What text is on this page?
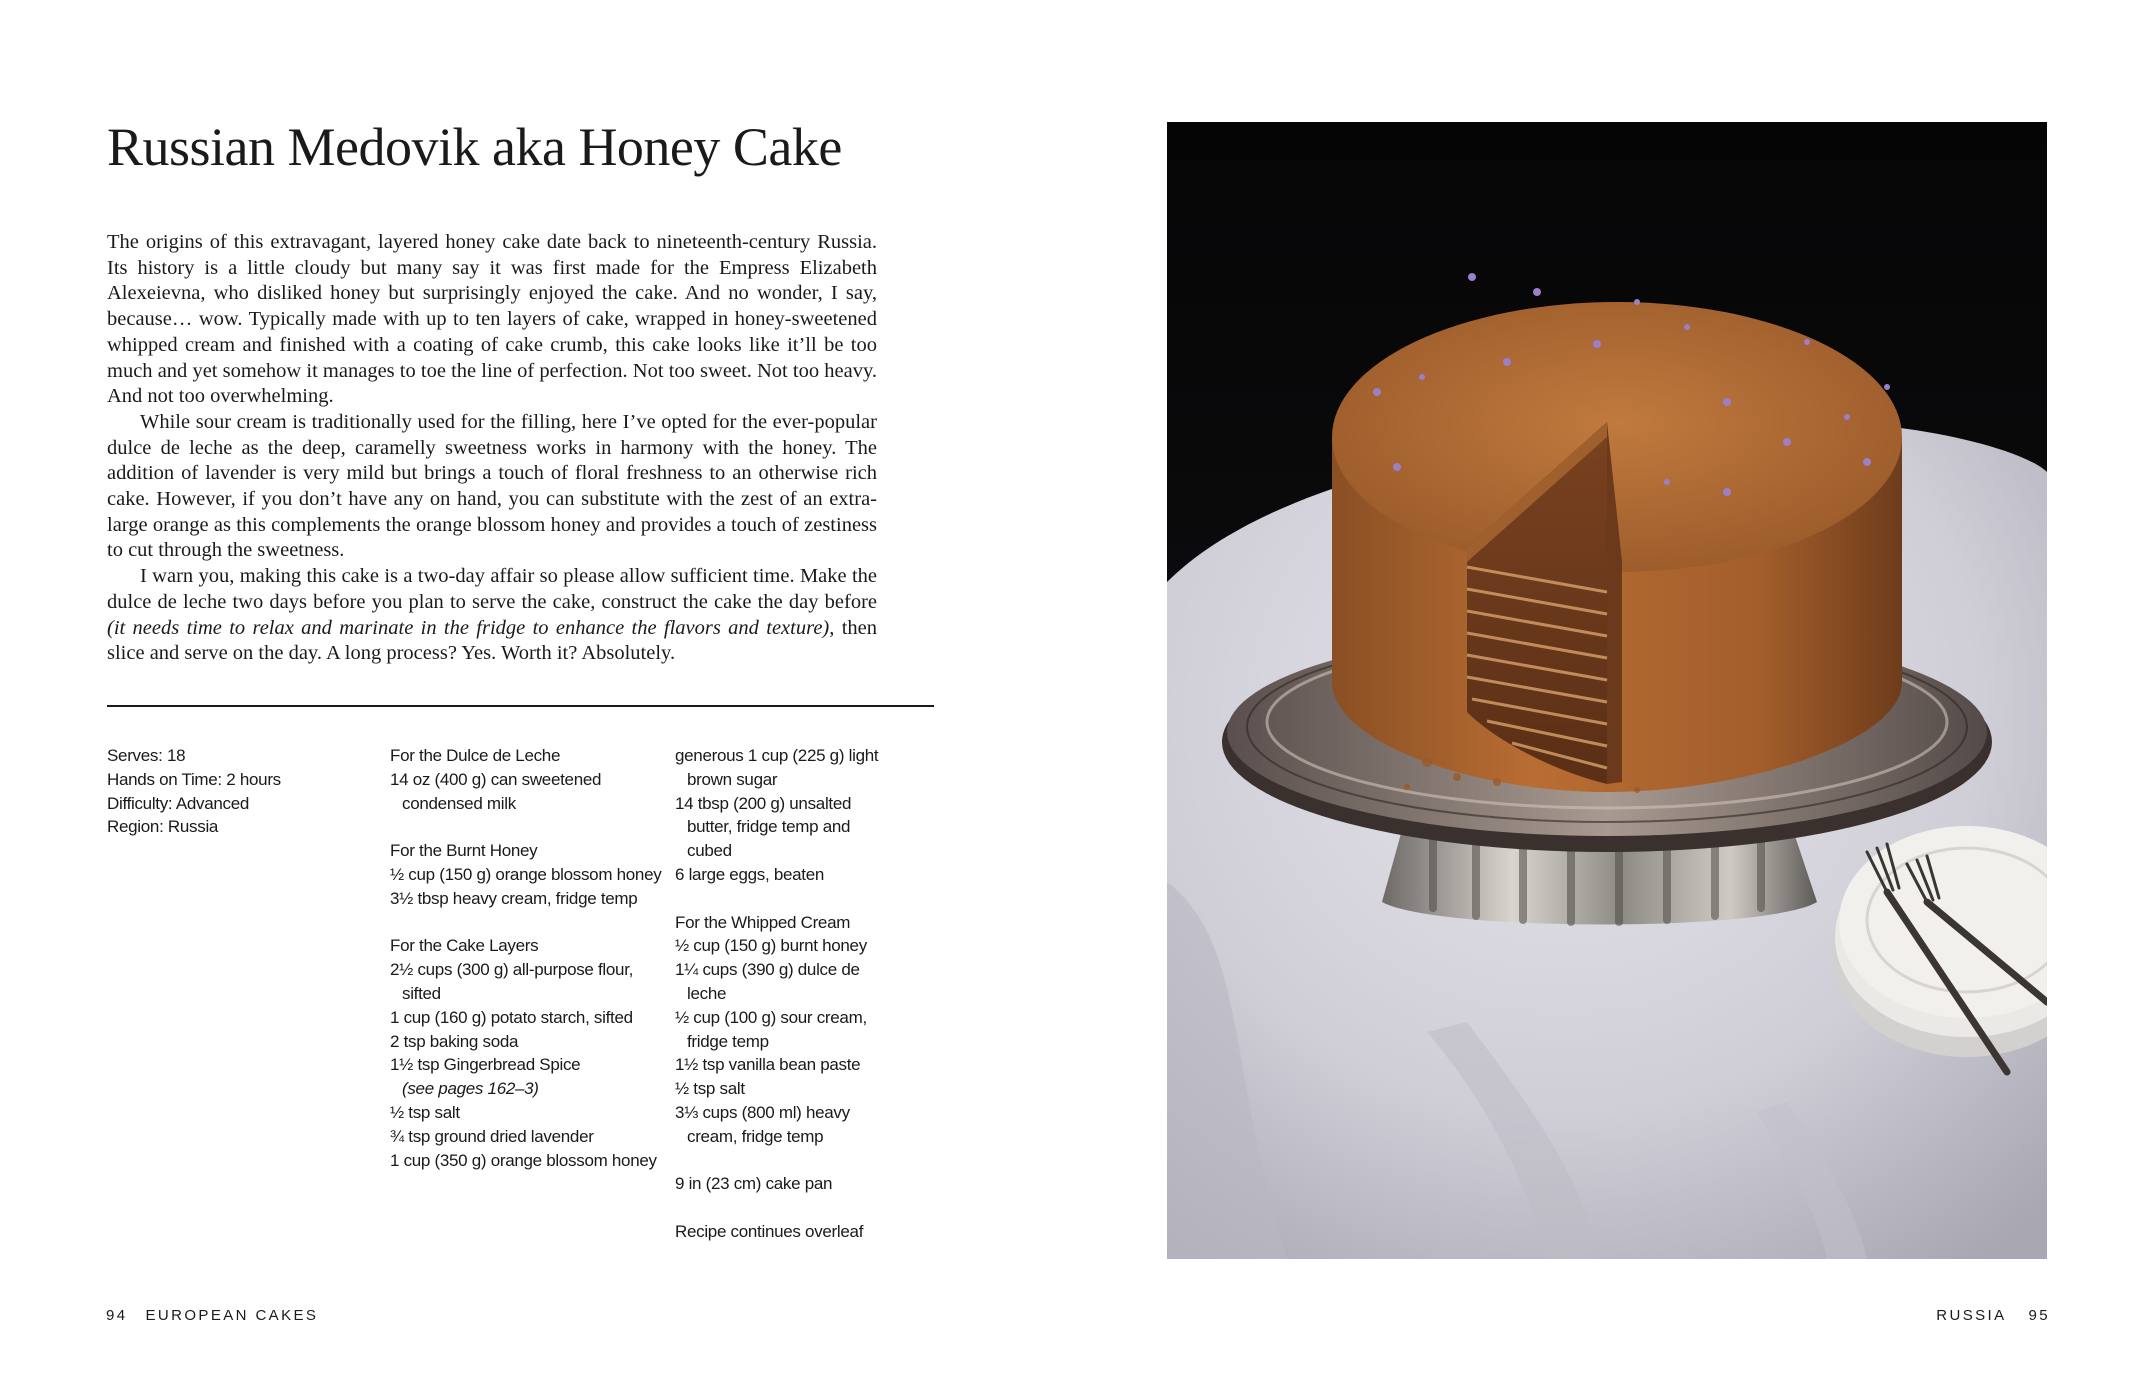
Russian Medovik aka Honey Cake

The origins of this extravagant, layered honey cake date back to nineteenth-century Russia. Its history is a little cloudy but many say it was first made for the Empress Elizabeth Alexeievna, who disliked honey but surprisingly enjoyed the cake. And no wonder, I say, because… wow. Typically made with up to ten layers of cake, wrapped in honey-sweetened whipped cream and finished with a coating of cake crumb, this cake looks like it’ll be too much and yet somehow it manages to toe the line of perfection. Not too sweet. Not too heavy. And not too overwhelming.

While sour cream is traditionally used for the filling, here I’ve opted for the ever-popular dulce de leche as the deep, caramelly sweetness works in harmony with the honey. The addition of lavender is very mild but brings a touch of floral freshness to an otherwise rich cake. However, if you don’t have any on hand, you can substitute with the zest of an extra-large orange as this complements the orange blossom honey and provides a touch of zestiness to cut through the sweetness.

I warn you, making this cake is a two-day affair so please allow sufficient time. Make the dulce de leche two days before you plan to serve the cake, construct the cake the day before (it needs time to relax and marinate in the fridge to enhance the flavors and texture), then slice and serve on the day. A long process? Yes. Worth it? Absolutely.

Serves: 18
Hands on Time: 2 hours
Difficulty: Advanced
Region: Russia
For the Dulce de Leche
14 oz (400 g) can sweetened
condensed milk
For the Burnt Honey
½ cup (150 g) orange blossom honey
3½ tbsp heavy cream, fridge temp
For the Cake Layers
2½ cups (300 g) all-purpose flour,
sifted
1 cup (160 g) potato starch, sifted
2 tsp baking soda
1½ tsp Gingerbread Spice
(see pages 162–3)
½ tsp salt
¾ tsp ground dried lavender
1 cup (350 g) orange blossom honey
generous 1 cup (225 g) light
brown sugar
14 tbsp (200 g) unsalted
butter, fridge temp and
cubed
6 large eggs, beaten
For the Whipped Cream
½ cup (150 g) burnt honey
1¼ cups (390 g) dulce de
leche
½ cup (100 g) sour cream,
fridge temp
1½ tsp vanilla bean paste
½ tsp salt
3⅓ cups (800 ml) heavy
cream, fridge temp
9 in (23 cm) cake pan
Recipe continues overleaf
94 EUROPEAN CAKES	RUSSIA 95
